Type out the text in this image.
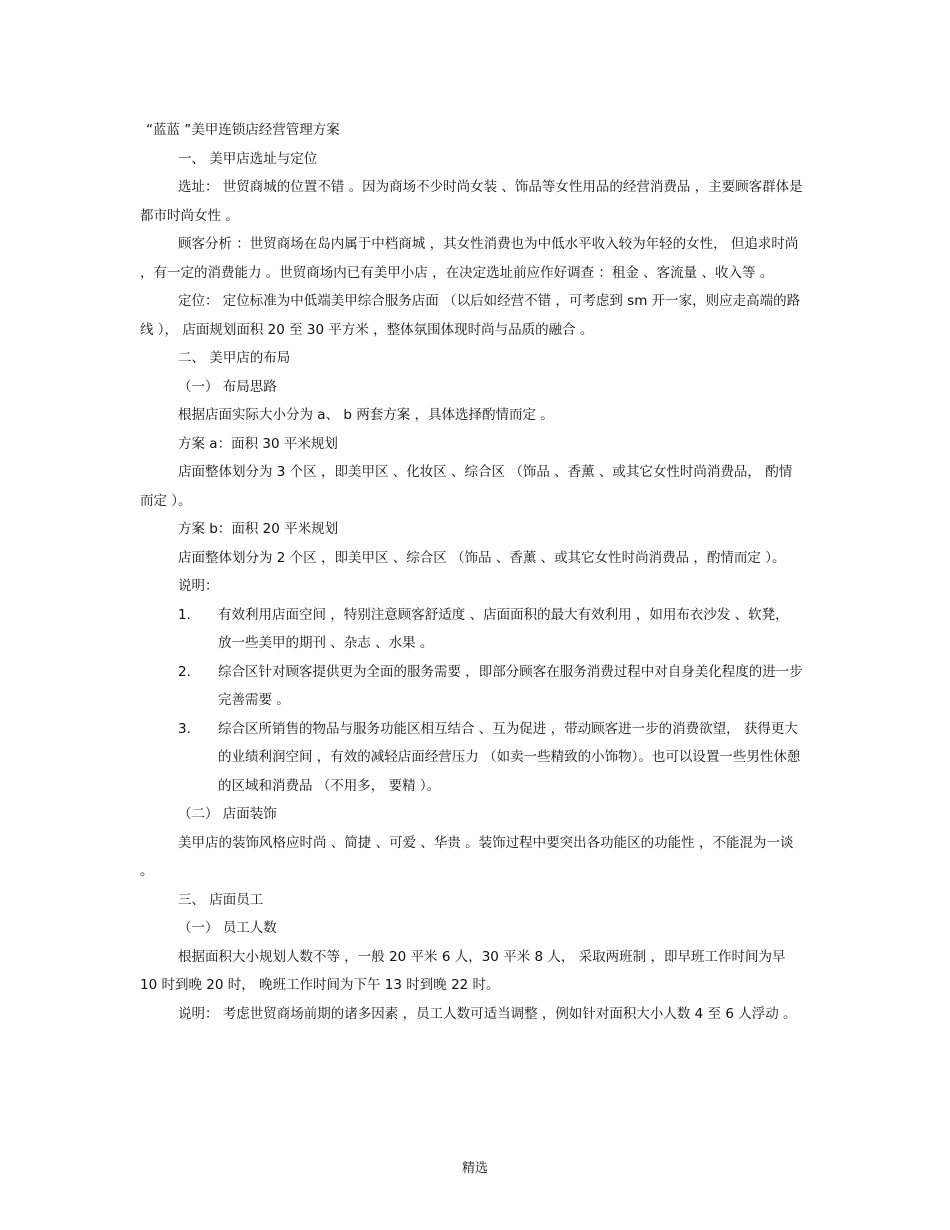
“蓝蓝 ”美甲连锁店经营管理方案

一、 美甲店选址与定位

选址： 世贸商城的位置不错 。因为商场不少时尚女装 、饰品等女性用品的经营消费品 ，主要顾客群体是都市时尚女性 。

顾客分析 ：世贸商场在岛内属于中档商城 ，其女性消费也为中低水平收入较为年轻的女性， 但追求时尚 ，有一定的消费能力 。世贸商场内已有美甲小店 ，在决定选址前应作好调查 ：租金 、客流量 、收入等 。

定位： 定位标准为中低端美甲综合服务店面 （以后如经营不错 ，可考虑到 sm 开一家，则应走高端的路线 ）， 店面规划面积 20 至 30 平方米 ，整体氛围体现时尚与品质的融合 。

二、 美甲店的布局

（一） 布局思路

根据店面实际大小分为 a、 b 两套方案 ，具体选择酌情而定 。

方案 a：面积 30 平米规划

店面整体划分为 3 个区 ，即美甲区 、化妆区 、综合区 （饰品 、香薰 、或其它女性时尚消费品， 酌情而定 ）。

方案 b：面积 20 平米规划

店面整体划分为 2 个区 ，即美甲区 、综合区 （饰品 、香薰 、或其它女性时尚消费品 ，酌情而定 ）。

说明：

1. 有效利用店面空间 ，特别注意顾客舒适度 、店面面积的最大有效利用 ，如用布衣沙发 、软凳， 放一些美甲的期刊 、杂志 、水果 。
2. 综合区针对顾客提供更为全面的服务需要 ，即部分顾客在服务消费过程中对自身美化程度的进一步完善需要 。
3. 综合区所销售的物品与服务功能区相互结合 、互为促进 ，带动顾客进一步的消费欲望， 获得更大的业绩利润空间 ，有效的减轻店面经营压力 （如卖一些精致的小饰物）。也可以设置一些男性休憩的区域和消费品 （不用多， 要精 ）。

（二） 店面装饰

美甲店的装饰风格应时尚 、简捷 、可爱 、华贵 。装饰过程中要突出各功能区的功能性 ，不能混为一谈 。

三、 店面员工

（一） 员工人数

根据面积大小规划人数不等 ，一般 20 平米 6 人，30 平米 8 人， 采取两班制 ，即早班工作时间为早 10 时到晚 20 时， 晚班工作时间为下午 13 时到晚 22 时。

说明： 考虑世贸商场前期的诸多因素 ，员工人数可适当调整 ，例如针对面积大小人数 4 至 6 人浮动 。

精选
